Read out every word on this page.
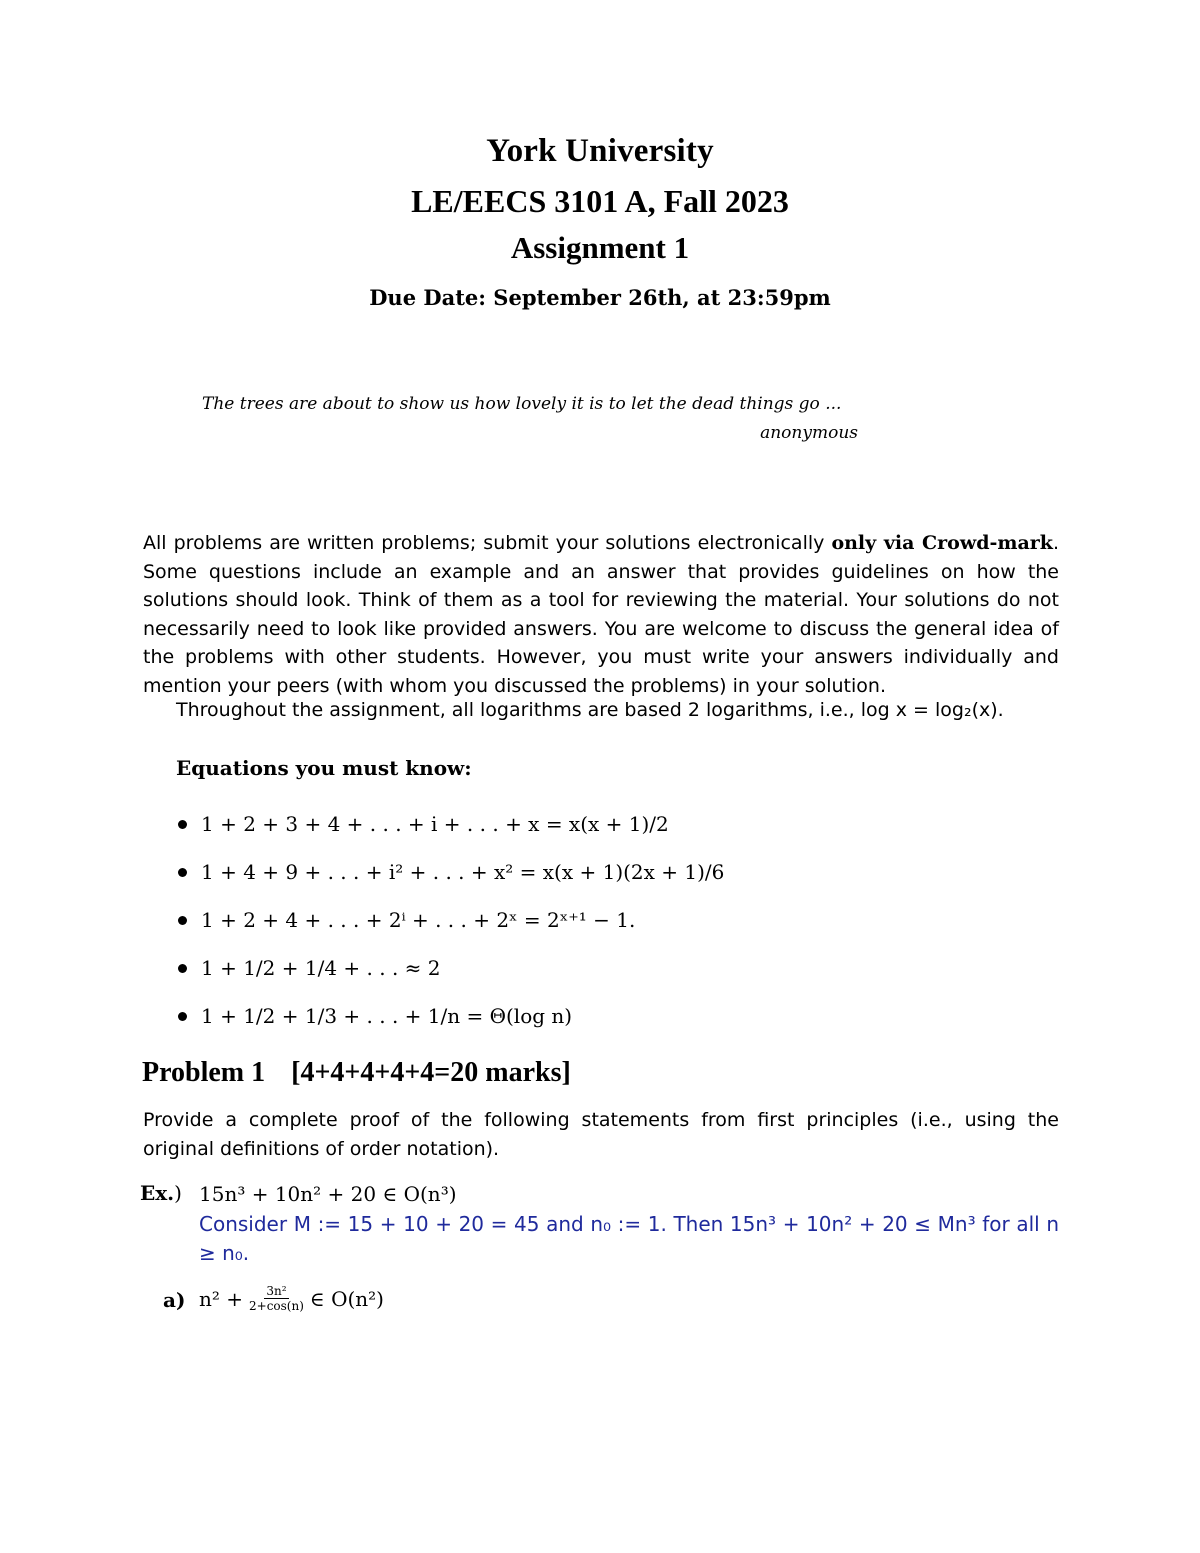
York University
LE/EECS 3101 A, Fall 2023
Assignment 1
Due Date: September 26th, at 23:59pm
The trees are about to show us how lovely it is to let the dead things go ...
anonymous
All problems are written problems; submit your solutions electronically only via Crowd-mark. Some questions include an example and an answer that provides guidelines on how the solutions should look. Think of them as a tool for reviewing the material. Your solutions do not necessarily need to look like provided answers. You are welcome to discuss the general idea of the problems with other students. However, you must write your answers individually and mention your peers (with whom you discussed the problems) in your solution.
Throughout the assignment, all logarithms are based 2 logarithms, i.e., log x = log₂(x).
Equations you must know:
1 + 2 + 3 + 4 + . . . + i + . . . + x = x(x + 1)/2
1 + 4 + 9 + . . . + i² + . . . + x² = x(x + 1)(2x + 1)/6
1 + 2 + 4 + . . . + 2ⁱ + . . . + 2ˣ = 2ˣ⁺¹ − 1.
1 + 1/2 + 1/4 + . . . ≈ 2
1 + 1/2 + 1/3 + . . . + 1/n = Θ(log n)
Problem 1 [4+4+4+4+4=20 marks]
Provide a complete proof of the following statements from first principles (i.e., using the original definitions of order notation).
Ex.) 15n³ + 10n² + 20 ∈ O(n³)
Consider M := 15 + 10 + 20 = 45 and n₀ := 1. Then 15n³ + 10n² + 20 ≤ Mn³ for all n ≥ n₀.
a) $n^2 + \frac{\text{3n²}}{2+\cos(n)}$ ∈ O(n²)
